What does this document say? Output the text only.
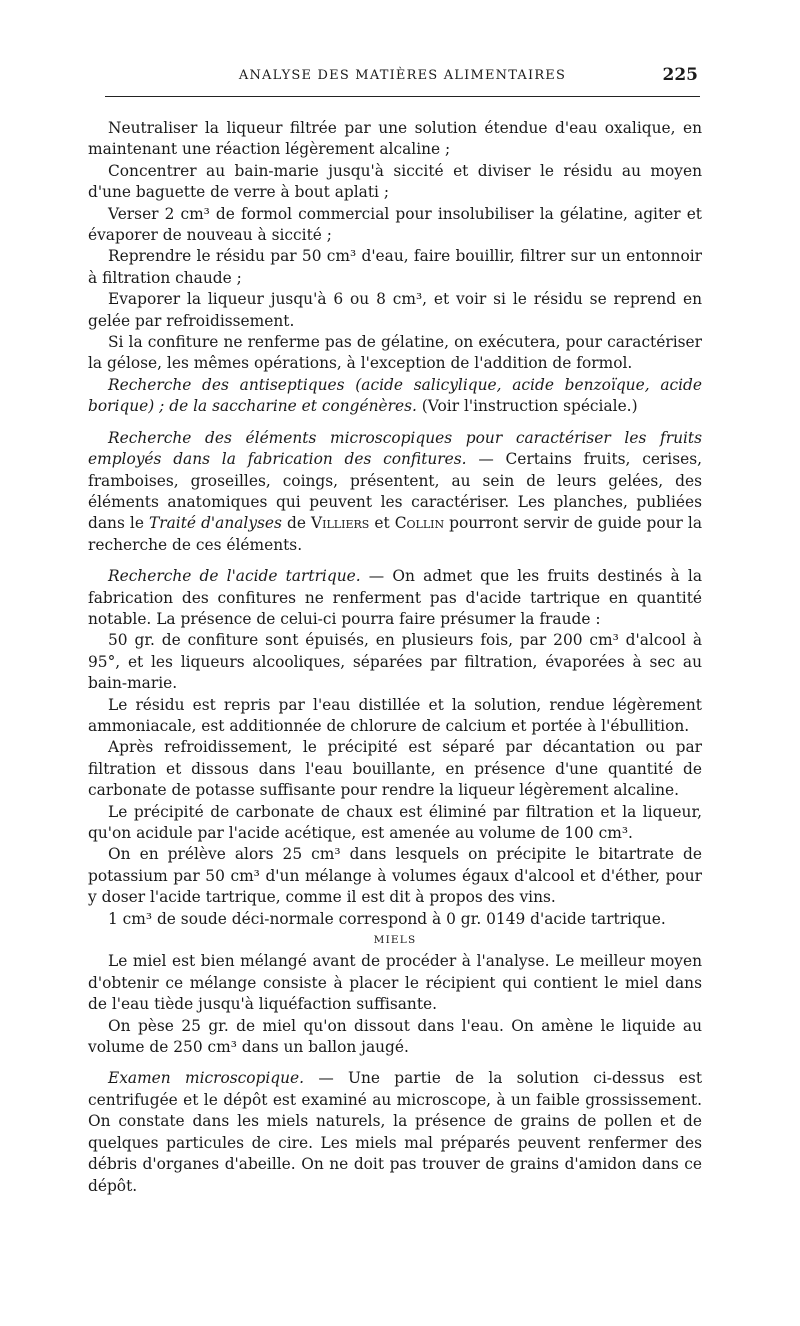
ANALYSE DES MATIÈRES ALIMENTAIRES	225

Neutraliser la liqueur filtrée par une solution étendue d'eau oxalique, en maintenant une réaction légèrement alcaline ;

Concentrer au bain-marie jusqu'à siccité et diviser le résidu au moyen d'une baguette de verre à bout aplati ;

Verser 2 cm³ de formol commercial pour insolubiliser la gélatine, agiter et évaporer de nouveau à siccité ;

Reprendre le résidu par 50 cm³ d'eau, faire bouillir, filtrer sur un entonnoir à filtration chaude ;

Evaporer la liqueur jusqu'à 6 ou 8 cm³, et voir si le résidu se reprend en gelée par refroidissement.

Si la confiture ne renferme pas de gélatine, on exécutera, pour caractériser la gélose, les mêmes opérations, à l'exception de l'addition de formol.

Recherche des antiseptiques (acide salicylique, acide benzoïque, acide borique) ; de la saccharine et congénères. (Voir l'instruction spéciale.)

Recherche des éléments microscopiques pour caractériser les fruits employés dans la fabrication des confitures. — Certains fruits, cerises, framboises, groseilles, coings, présentent, au sein de leurs gelées, des éléments anatomiques qui peuvent les caractériser. Les planches, publiées dans le Traité d'analyses de Villiers et Collin pourront servir de guide pour la recherche de ces éléments.

Recherche de l'acide tartrique. — On admet que les fruits destinés à la fabrication des confitures ne renferment pas d'acide tartrique en quantité notable. La présence de celui-ci pourra faire présumer la fraude :

50 gr. de confiture sont épuisés, en plusieurs fois, par 200 cm³ d'alcool à 95°, et les liqueurs alcooliques, séparées par filtration, évaporées à sec au bain-marie.

Le résidu est repris par l'eau distillée et la solution, rendue légèrement ammoniacale, est additionnée de chlorure de calcium et portée à l'ébullition.

Après refroidissement, le précipité est séparé par décantation ou par filtration et dissous dans l'eau bouillante, en présence d'une quantité de carbonate de potasse suffisante pour rendre la liqueur légèrement alcaline.

Le précipité de carbonate de chaux est éliminé par filtration et la liqueur, qu'on acidule par l'acide acétique, est amenée au volume de 100 cm³.

On en prélève alors 25 cm³ dans lesquels on précipite le bitartrate de potassium par 50 cm³ d'un mélange à volumes égaux d'alcool et d'éther, pour y doser l'acide tartrique, comme il est dit à propos des vins.

1 cm³ de soude déci-normale correspond à 0 gr. 0149 d'acide tartrique.

MIELS

Le miel est bien mélangé avant de procéder à l'analyse. Le meilleur moyen d'obtenir ce mélange consiste à placer le récipient qui contient le miel dans de l'eau tiède jusqu'à liquéfaction suffisante.

On pèse 25 gr. de miel qu'on dissout dans l'eau. On amène le liquide au volume de 250 cm³ dans un ballon jaugé.

Examen microscopique. — Une partie de la solution ci-dessus est centrifugée et le dépôt est examiné au microscope, à un faible grossissement. On constate dans les miels naturels, la présence de grains de pollen et de quelques particules de cire. Les miels mal préparés peuvent renfermer des débris d'organes d'abeille. On ne doit pas trouver de grains d'amidon dans ce dépôt.
